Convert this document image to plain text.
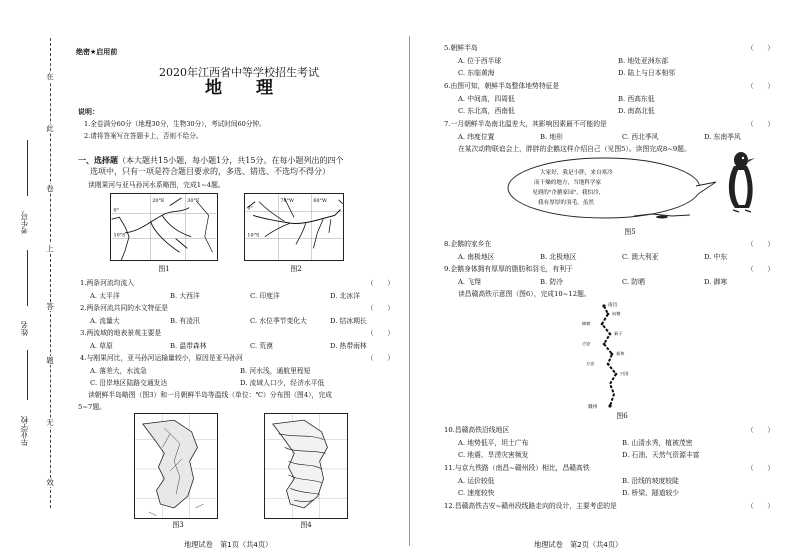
在
此
卷
上
答
题
无
效
考生号
姓名
毕业学校
绝密★启用前
2020年江西省中等学校招生考试
地 理
说明：
1.全卷满分60分（地理30分，生物30分），考试时间60分钟。
2.请将答案写在答题卡上，否则不给分。
一、选择题（本大题共15小题，每小题1分，共15分。在每小题列出的四个
选项中，只有一项是符合题目要求的，多选、错选、不选均不得分）
读刚果河与亚马孙河水系略图，完成1~4题。
20°E	30°E
0°
10°S
图1
70°W	60°W
0°
10°S
图2
1.两条河流均流入	（　　）
A. 太平洋	B. 大西洋	C. 印度洋	D. 北冰洋
2.两条河流共同的水文特征是	（　　）
A. 流量大	B. 有凌汛	C. 水位季节变化大	D. 结冰期长
3.两流域的地表景观主要是	（　　）
A. 草原	B. 温带森林	C. 荒漠	D. 热带雨林
4.与刚果河比，亚马孙河运输量较小，原因是亚马孙河	（　　）
A. 落差大，水流急	B. 河水浅，通航里程短
C. 沿岸地区陆路交通发达	D. 流域人口少，经济水平低
读朝鲜半岛略图（图3）和一月朝鲜半岛等温线（单位：℃）分布图（图4），完成
5~7题。
图3	图4
地理试卷　第1页（共4页）
5.朝鲜半岛	（　　）
A. 位于西半球	B. 地处亚洲东部
C. 东临黄海	D. 陆上与日本相邻
6.由图可知，朝鲜半岛整体地势特征是	（　　）
A. 中间高，四周低	B. 西高东低
C. 东北高，西南低	D. 南高北低
7.一月朝鲜半岛南北温差大，其影响因素最不可能的是	（　　）
A. 纬度位置	B. 地形	C. 西北季风	D. 东南季风
在某次动物联谊会上，胖胖的企鹅这样介绍自己（见图5）。读图完成8~9题。
大家好，我是小胖，来自寒冷
而干燥的地方，当地科学家
见到的"企鹅家园"，我怕冷，
我有厚厚的羽毛，虽然
图5
8.企鹅的家乡在	（　　）
A. 南极地区	B. 北极地区	C. 澳大利亚	D. 中东
9.企鹅身体拥有厚厚的脂肪和羽毛，有利于	（　　）
A. 飞翔	B. 防冷	C. 防晒	D. 御寒
读昌赣高铁示意图（图6），完成10~12题。
南昌
向塘
樟树
新干
吉安
泰和
万安
兴国
赣州
图6
10.昌赣高铁沿线地区	（　　）
A. 地势低平，坦土广布	B. 山清水秀，植被茂密
C. 地震、旱涝灾害频发	D. 石油、天然气资源丰富
11.与京九铁路（南昌~赣州段）相比，昌赣高铁	（　　）
A. 运价较低	B. 沿线的坡度较陡
C. 速度较快	D. 桥梁、隧道较少
12.昌赣高铁吉安~赣州段线路走向的设计，主要考虑的是	（　　）
地理试卷　第2页（共4页）
